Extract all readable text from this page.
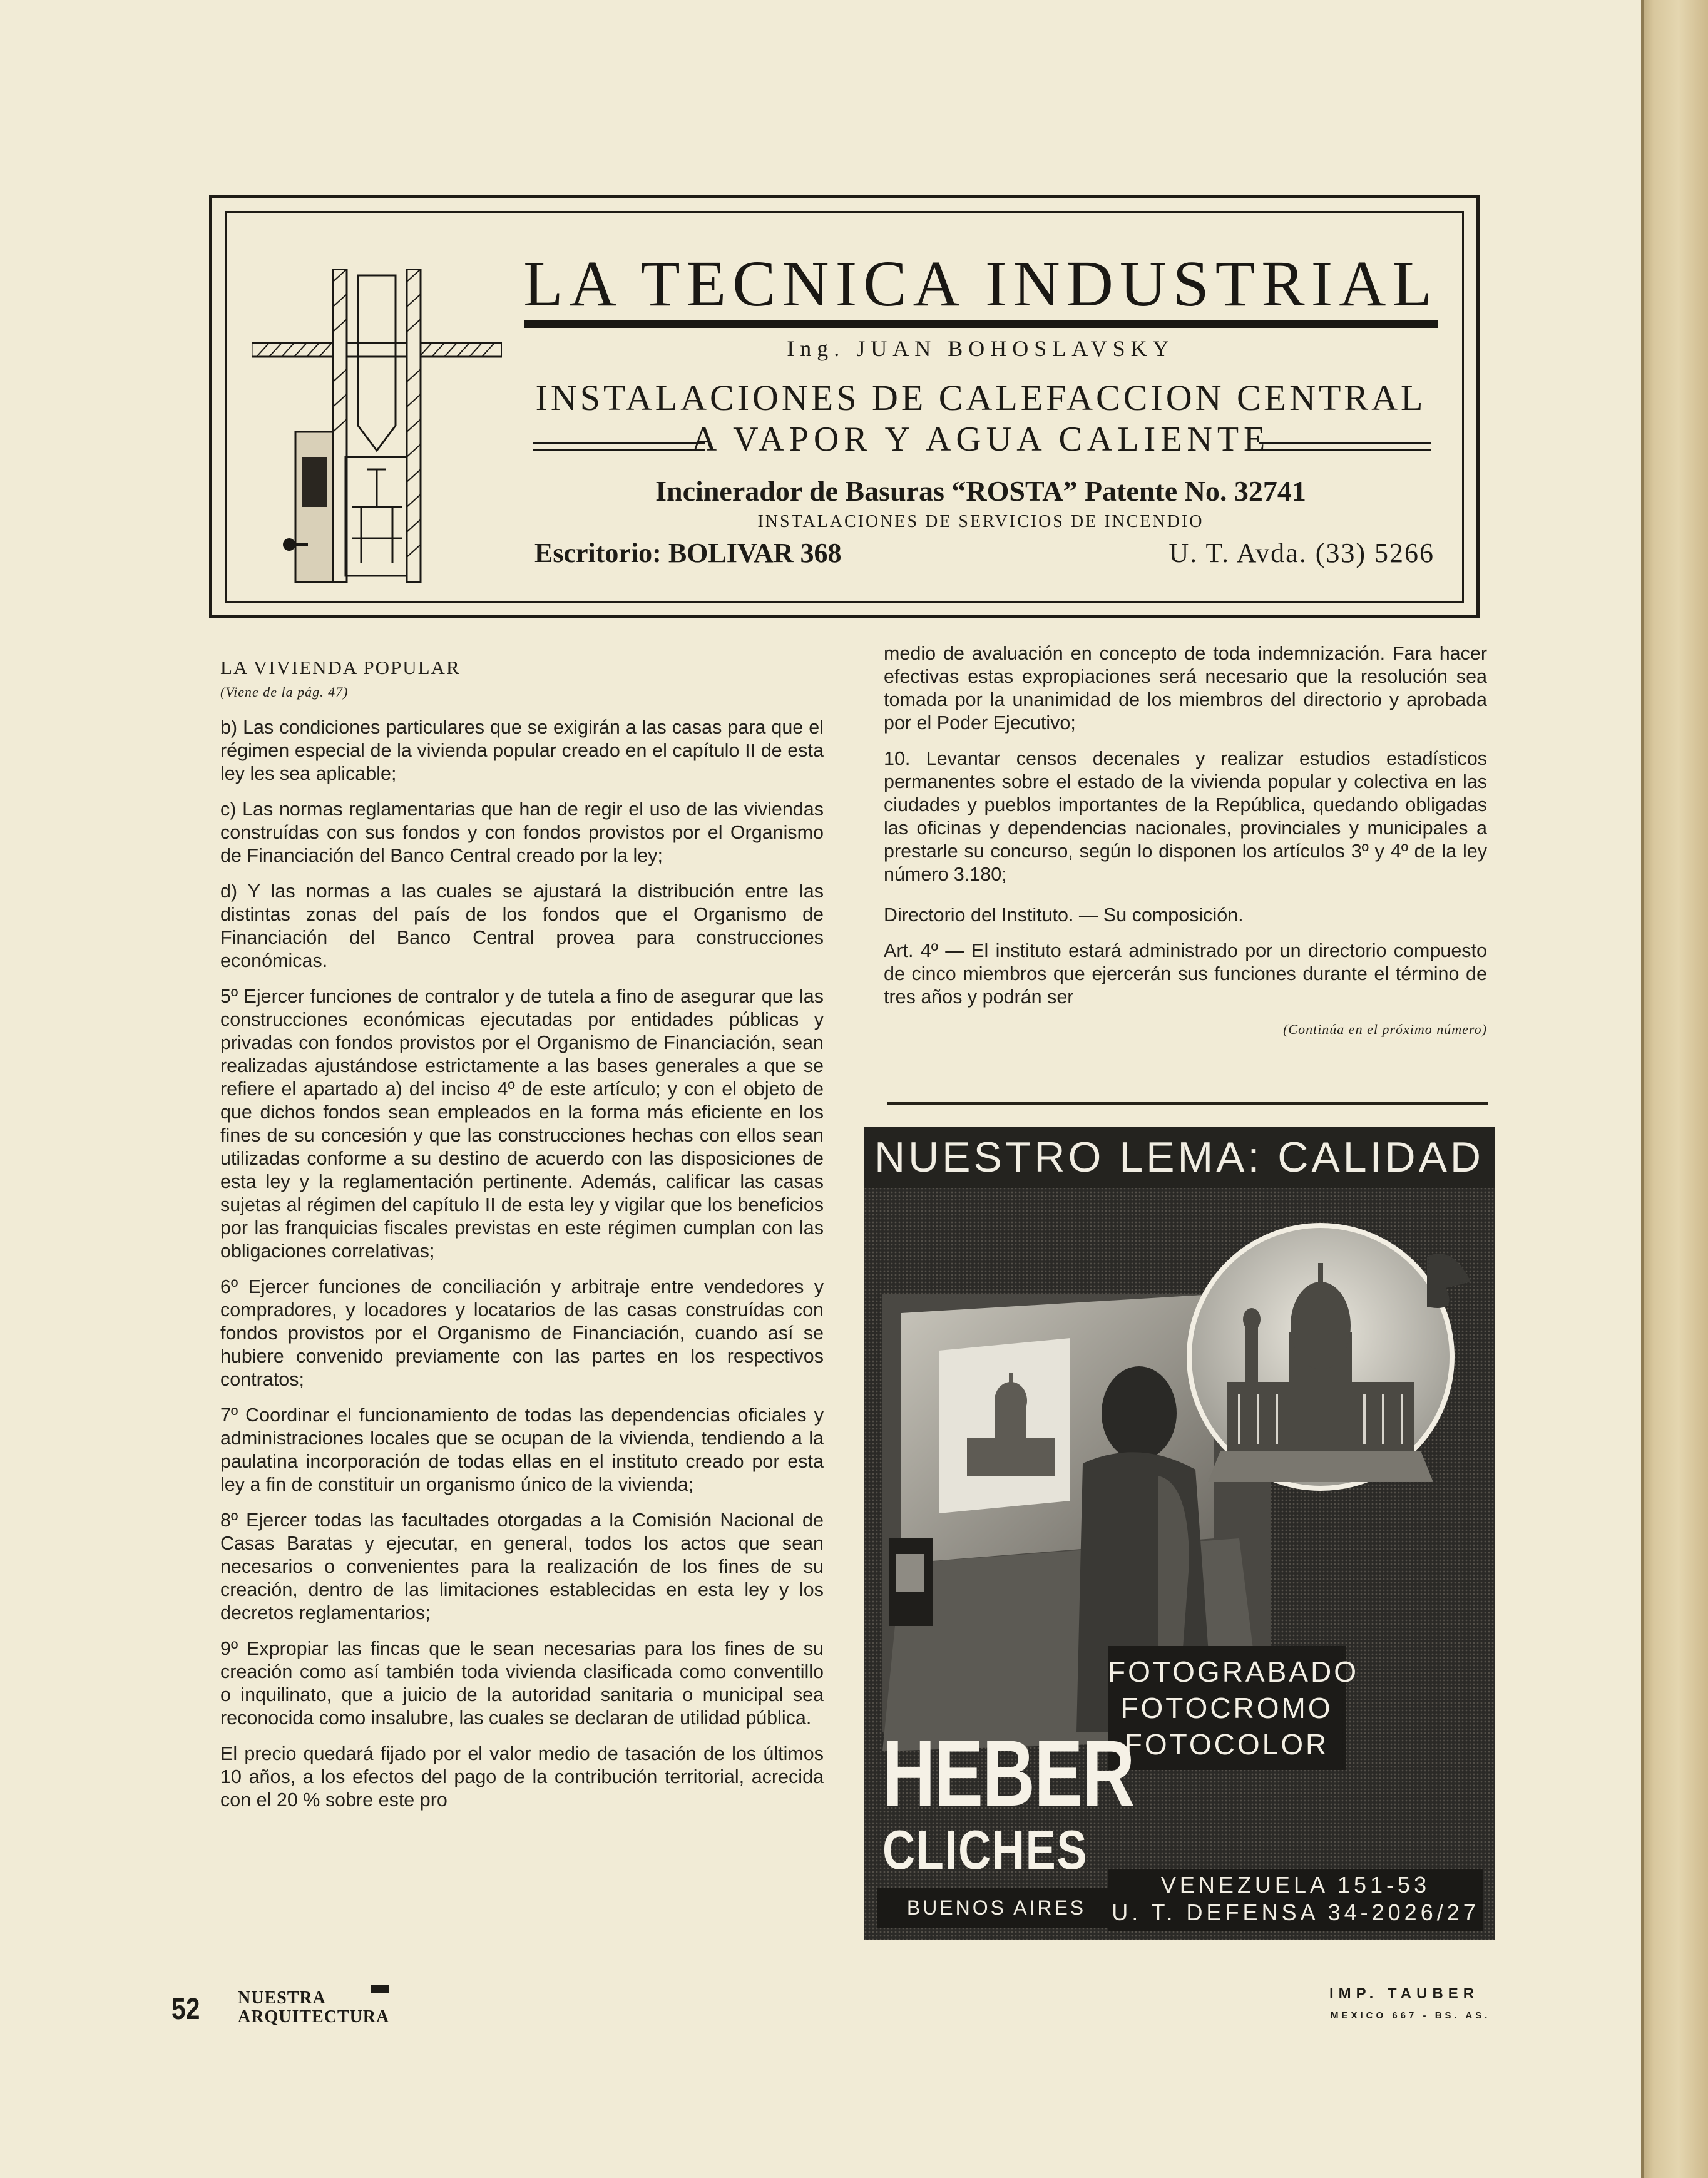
LA TECNICA INDUSTRIAL
Ing. JUAN BOHOSLAVSKY
INSTALACIONES DE CALEFACCION CENTRAL
A VAPOR Y AGUA CALIENTE
Incinerador de Basuras “ROSTA” Patente No. 32741
INSTALACIONES DE SERVICIOS DE INCENDIO
Escritorio: BOLIVAR 368	U. T. Avda. (33) 5266
LA VIVIENDA POPULAR
(Viene de la pág. 47)

b) Las condiciones particulares que se exigirán a las casas para que el régimen especial de la vivienda popular creado en el capítulo II de esta ley les sea aplicable;

c) Las normas reglamentarias que han de regir el uso de las viviendas construídas con sus fondos y con fondos provistos por el Organismo de Financiación del Banco Central creado por la ley;

d) Y las normas a las cuales se ajustará la distribución entre las distintas zonas del país de los fondos que el Organismo de Financiación del Banco Central provea para construcciones económicas.

5º Ejercer funciones de contralor y de tutela a fino de asegurar que las construcciones económicas ejecutadas por entidades públicas y privadas con fondos provistos por el Organismo de Financiación, sean realizadas ajustándose estrictamente a las bases generales a que se refiere el apartado a) del inciso 4º de este artículo; y con el objeto de que dichos fondos sean empleados en la forma más eficiente en los fines de su concesión y que las construcciones hechas con ellos sean utilizadas conforme a su destino de acuerdo con las disposiciones de esta ley y la reglamentación pertinente. Además, calificar las casas sujetas al régimen del capítulo II de esta ley y vigilar que los beneficios por las franquicias fiscales previstas en este régimen cumplan con las obligaciones correlativas;

6º Ejercer funciones de conciliación y arbitraje entre vendedores y compradores, y locadores y locatarios de las casas construídas con fondos provistos por el Organismo de Financiación, cuando así se hubiere convenido previamente con las partes en los respectivos contratos;

7º Coordinar el funcionamiento de todas las dependencias oficiales y administraciones locales que se ocupan de la vivienda, tendiendo a la paulatina incorporación de todas ellas en el instituto creado por esta ley a fin de constituir un organismo único de la vivienda;

8º Ejercer todas las facultades otorgadas a la Comisión Nacional de Casas Baratas y ejecutar, en general, todos los actos que sean necesarios o convenientes para la realización de los fines de su creación, dentro de las limitaciones establecidas en esta ley y los decretos reglamentarios;

9º Expropiar las fincas que le sean necesarias para los fines de su creación como así también toda vivienda clasificada como conventillo o inquilinato, que a juicio de la autoridad sanitaria o municipal sea reconocida como insalubre, las cuales se declaran de utilidad pública.

El precio quedará fijado por el valor medio de tasación de los últimos 10 años, a los efectos del pago de la contribución territorial, acrecida con el 20 % sobre este pro

medio de avaluación en concepto de toda indemnización. Fara hacer efectivas estas expropiaciones será necesario que la resolución sea tomada por la unanimidad de los miembros del directorio y aprobada por el Poder Ejecutivo;

10. Levantar censos decenales y realizar estudios estadísticos permanentes sobre el estado de la vivienda popular y colectiva en las ciudades y pueblos importantes de la República, quedando obligadas las oficinas y dependencias nacionales, provinciales y municipales a prestarle su concurso, según lo disponen los artículos 3º y 4º de la ley número 3.180;

Directorio del Instituto. — Su composición.

Art. 4º — El instituto estará administrado por un directorio compuesto de cinco miembros que ejercerán sus funciones durante el término de tres años y podrán ser

(Continúa en el próximo número)
NUESTRO LEMA: CALIDAD
FOTOGRABADO
FOTOCROMO
FOTOCOLOR
HEBER
CLICHES
BUENOS AIRES
VENEZUELA 151-53
U. T. DEFENSA 34-2026/27
52 NUESTRA
ARQUITECTURA
IMP. TAUBER
MEXICO 667 - BS. AS.
